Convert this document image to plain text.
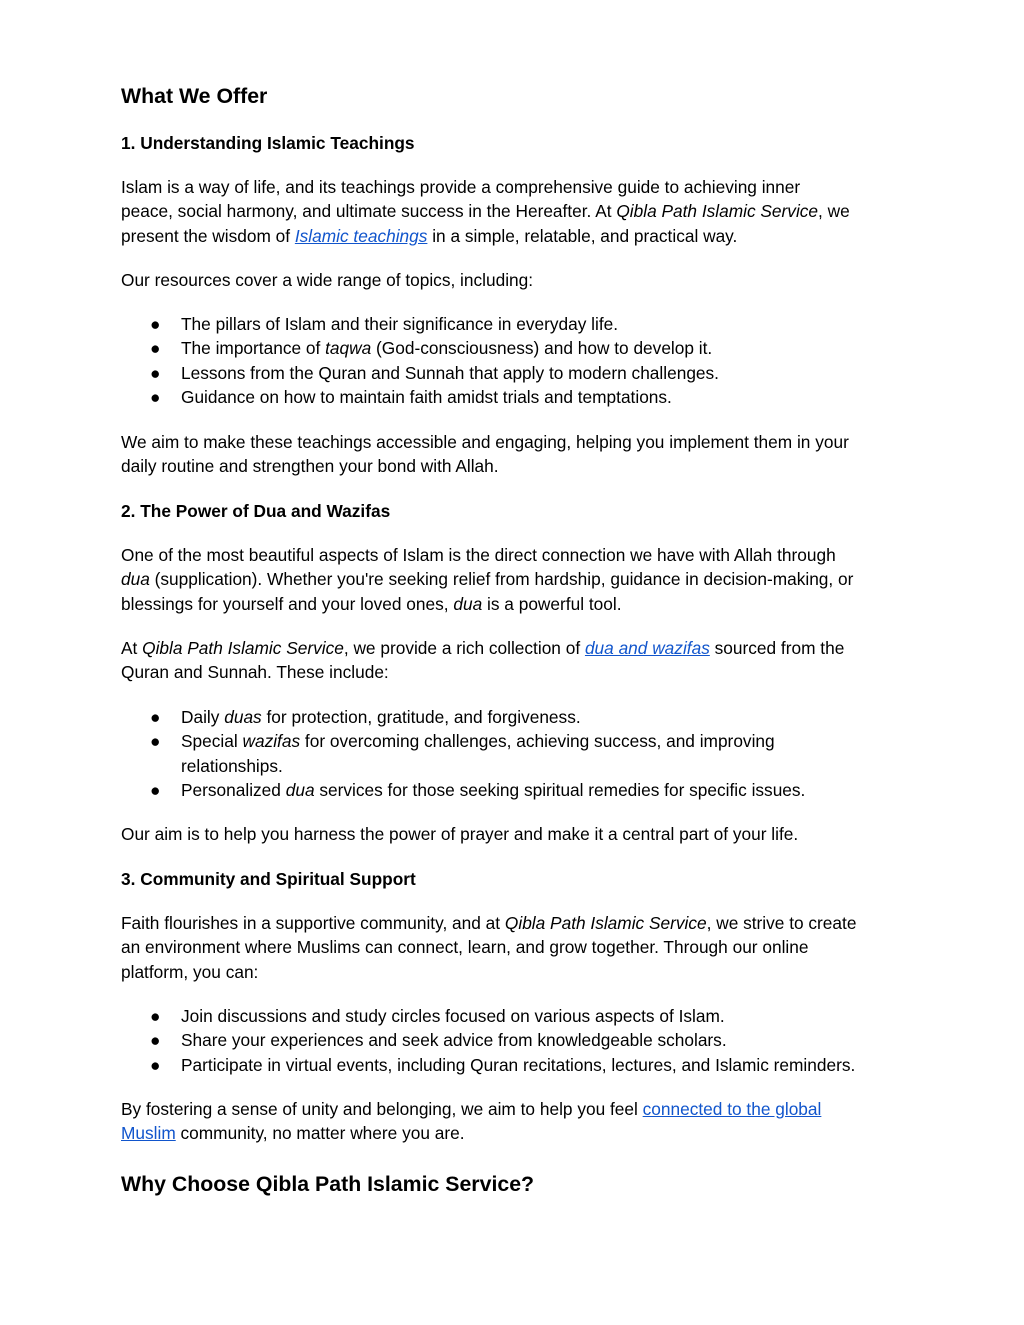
What We Offer
1. Understanding Islamic Teachings
Islam is a way of life, and its teachings provide a comprehensive guide to achieving inner
peace, social harmony, and ultimate success in the Hereafter. At Qibla Path Islamic Service, we
present the wisdom of Islamic teachings in a simple, relatable, and practical way.
Our resources cover a wide range of topics, including:
● The pillars of Islam and their significance in everyday life.
● The importance of taqwa (God-consciousness) and how to develop it.
● Lessons from the Quran and Sunnah that apply to modern challenges.
● Guidance on how to maintain faith amidst trials and temptations.
We aim to make these teachings accessible and engaging, helping you implement them in your
daily routine and strengthen your bond with Allah.
2. The Power of Dua and Wazifas
One of the most beautiful aspects of Islam is the direct connection we have with Allah through
dua (supplication). Whether you're seeking relief from hardship, guidance in decision-making, or
blessings for yourself and your loved ones, dua is a powerful tool.
At Qibla Path Islamic Service, we provide a rich collection of dua and wazifas sourced from the
Quran and Sunnah. These include:
● Daily duas for protection, gratitude, and forgiveness.
● Special wazifas for overcoming challenges, achieving success, and improving
relationships.
● Personalized dua services for those seeking spiritual remedies for specific issues.
Our aim is to help you harness the power of prayer and make it a central part of your life.
3. Community and Spiritual Support
Faith flourishes in a supportive community, and at Qibla Path Islamic Service, we strive to create
an environment where Muslims can connect, learn, and grow together. Through our online
platform, you can:
● Join discussions and study circles focused on various aspects of Islam.
● Share your experiences and seek advice from knowledgeable scholars.
● Participate in virtual events, including Quran recitations, lectures, and Islamic reminders.
By fostering a sense of unity and belonging, we aim to help you feel connected to the global
Muslim community, no matter where you are.
Why Choose Qibla Path Islamic Service?
